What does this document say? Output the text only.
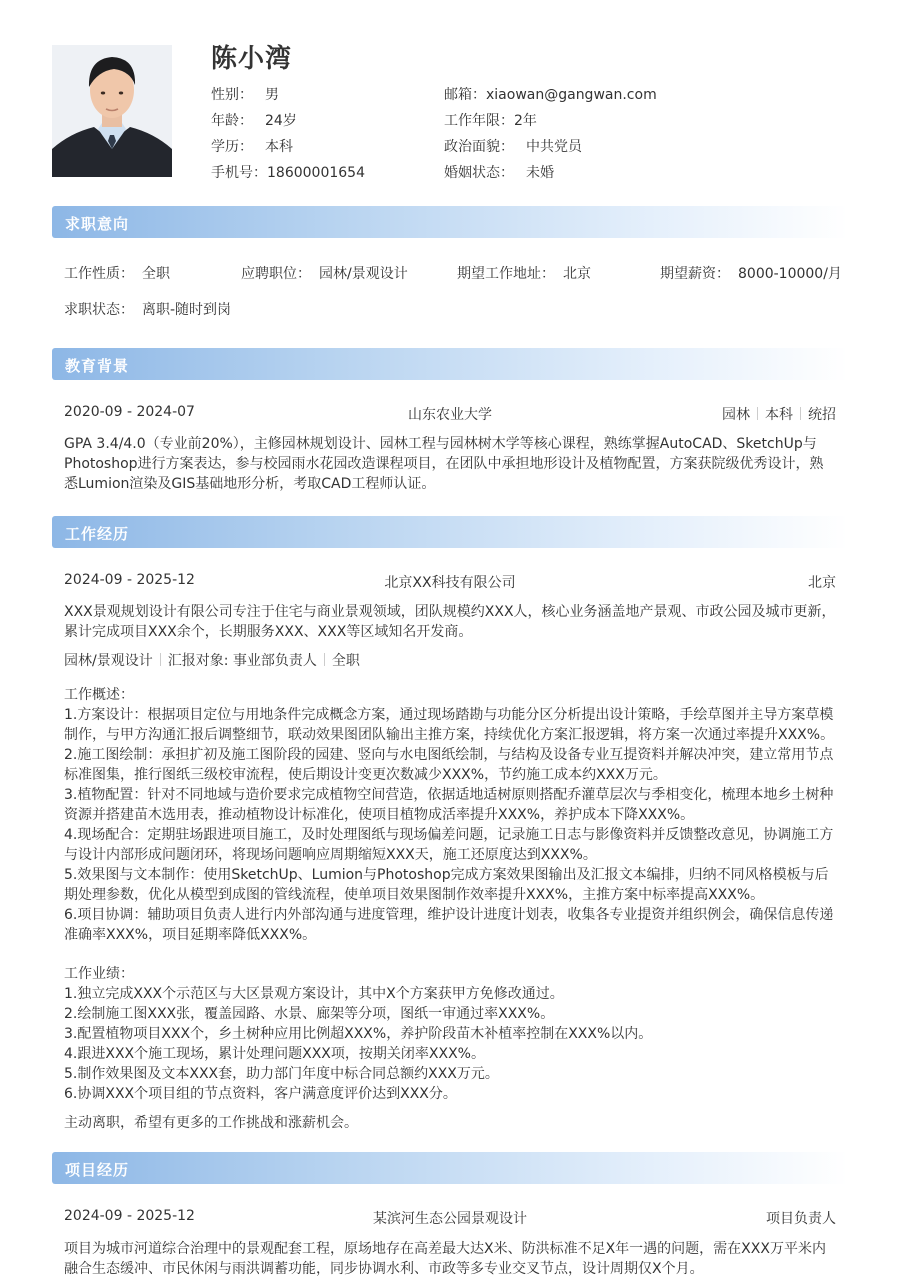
陈小湾
性别： 男	邮箱：xiaowan@gangwan.com
年龄： 24岁	工作年限：2年
学历： 本科	政治面貌： 中共党员
手机号：18600001654	婚姻状态： 未婚
求职意向
工作性质： 全职	应聘职位： 园林/景观设计	期望工作地址： 北京	期望薪资： 8000-10000/月
求职状态： 离职-随时到岗
教育背景
2020-09 - 2024-07	山东农业大学	园林 本科 统招
GPA 3.4/4.0（专业前20%），主修园林规划设计、园林工程与园林树木学等核心课程，熟练掌握AutoCAD、SketchUp与
Photoshop进行方案表达，参与校园雨水花园改造课程项目，在团队中承担地形设计及植物配置，方案获院级优秀设计，熟
悉Lumion渲染及GIS基础地形分析，考取CAD工程师认证。
工作经历
2024-09 - 2025-12	北京XX科技有限公司	北京
XXX景观规划设计有限公司专注于住宅与商业景观领域，团队规模约XXX人，核心业务涵盖地产景观、市政公园及城市更新，
累计完成项目XXX余个，长期服务XXX、XXX等区域知名开发商。
园林/景观设计 汇报对象: 事业部负责人 全职
工作概述：
1.方案设计：根据项目定位与用地条件完成概念方案，通过现场踏勘与功能分区分析提出设计策略，手绘草图并主导方案草模
制作，与甲方沟通汇报后调整细节，联动效果图团队输出主推方案，持续优化方案汇报逻辑，将方案一次通过率提升XXX%。
2.施工图绘制：承担扩初及施工图阶段的园建、竖向与水电图纸绘制，与结构及设备专业互提资料并解决冲突，建立常用节点
标准图集，推行图纸三级校审流程，使后期设计变更次数减少XXX%，节约施工成本约XXX万元。
3.植物配置：针对不同地域与造价要求完成植物空间营造，依据适地适树原则搭配乔灌草层次与季相变化，梳理本地乡土树种
资源并搭建苗木选用表，推动植物设计标准化，使项目植物成活率提升XXX%，养护成本下降XXX%。
4.现场配合：定期驻场跟进项目施工，及时处理图纸与现场偏差问题，记录施工日志与影像资料并反馈整改意见，协调施工方
与设计内部形成问题闭环，将现场问题响应周期缩短XXX天，施工还原度达到XXX%。
5.效果图与文本制作：使用SketchUp、Lumion与Photoshop完成方案效果图输出及汇报文本编排，归纳不同风格模板与后
期处理参数，优化从模型到成图的管线流程，使单项目效果图制作效率提升XXX%，主推方案中标率提高XXX%。
6.项目协调：辅助项目负责人进行内外部沟通与进度管理，维护设计进度计划表，收集各专业提资并组织例会，确保信息传递
准确率XXX%，项目延期率降低XXX%。
工作业绩：
1.独立完成XXX个示范区与大区景观方案设计，其中X个方案获甲方免修改通过。
2.绘制施工图XXX张，覆盖园路、水景、廊架等分项，图纸一审通过率XXX%。
3.配置植物项目XXX个，乡土树种应用比例超XXX%，养护阶段苗木补植率控制在XXX%以内。
4.跟进XXX个施工现场，累计处理问题XXX项，按期关闭率XXX%。
5.制作效果图及文本XXX套，助力部门年度中标合同总额约XXX万元。
6.协调XXX个项目组的节点资料，客户满意度评价达到XXX分。
主动离职，希望有更多的工作挑战和涨薪机会。
项目经历
2024-09 - 2025-12	某滨河生态公园景观设计	项目负责人
项目为城市河道综合治理中的景观配套工程，原场地存在高差最大达X米、防洪标准不足X年一遇的问题，需在XXX万平米内
融合生态缓冲、市民休闲与雨洪调蓄功能，同步协调水利、市政等多专业交叉节点，设计周期仅X个月。
